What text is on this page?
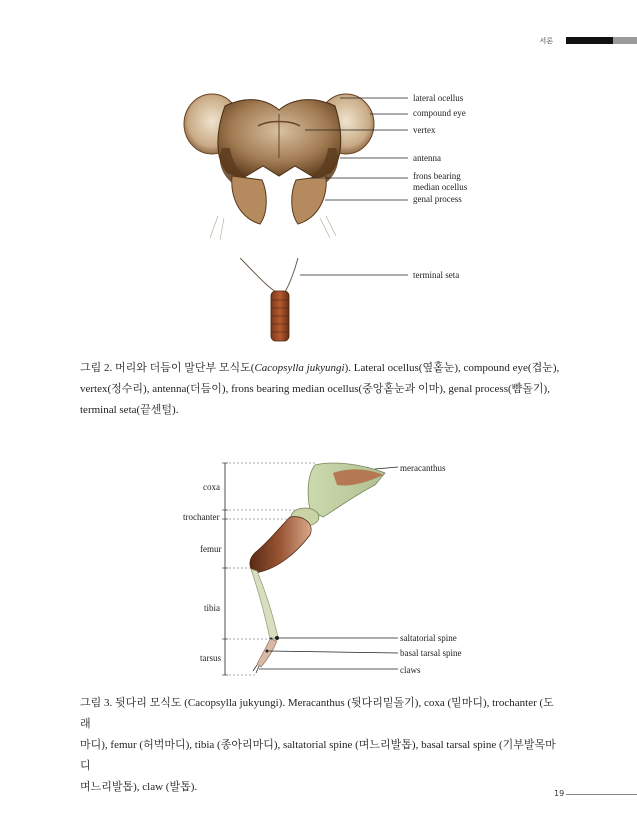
서론
lateral ocellus
compound eye
vertex
antenna
frons bearing
median ocellus
genal process
terminal seta
그림 2. 머리와 더듬이 말단부 모식도(Cacopsylla jukyungi). Lateral ocellus(옆홑눈), compound eye(겹눈),
vertex(정수리), antenna(더듬이), frons bearing median ocellus(중앙홑눈과 이마), genal process(뺨돌기),
terminal seta(끝센털).
coxa
trochanter
femur
tibia
tarsus
meracanthus
saltatorial spine
basal tarsal spine
claws
그림 3. 뒷다리 모식도 (Cacopsylla jukyungi). Meracanthus (뒷다리밑돌기), coxa (밑마디), trochanter (도래
마디), femur (허벅마디), tibia (종아리마디), saltatorial spine (며느리발톱), basal tarsal spine (기부발목마디
며느리발톱), claw (발톱).
19
